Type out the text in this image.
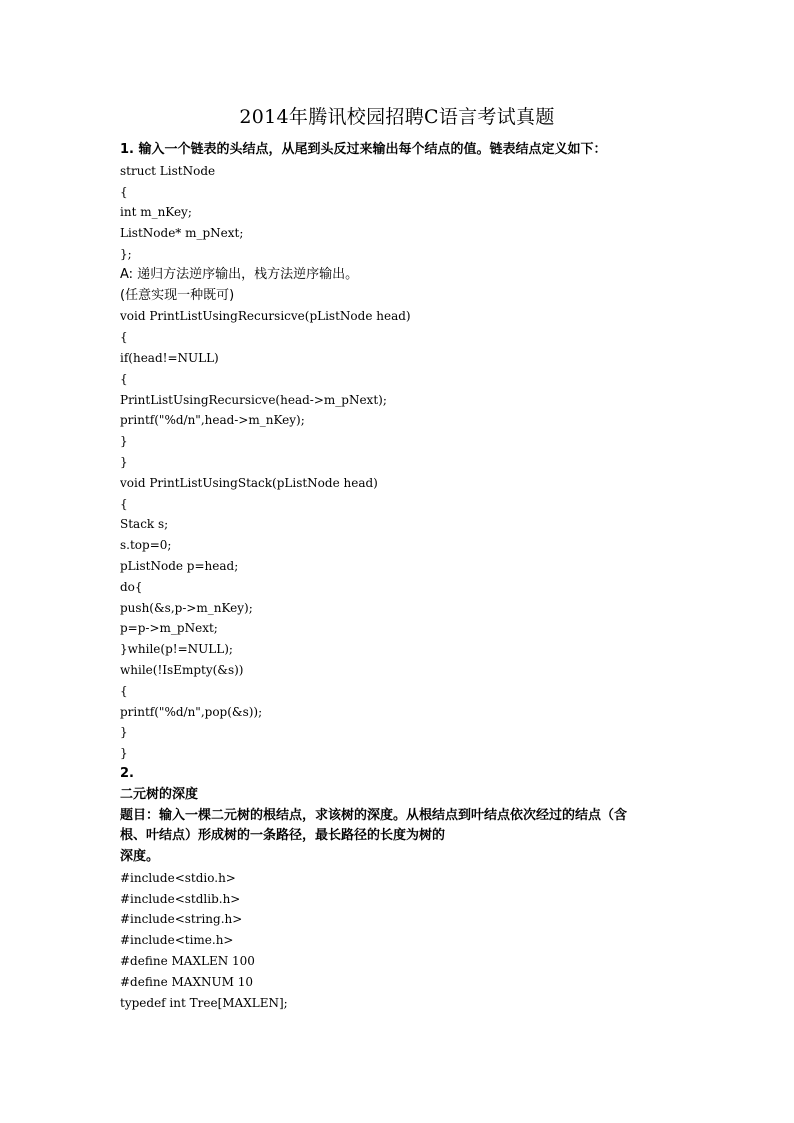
2014年腾讯校园招聘C语言考试真题
1. 输入一个链表的头结点，从尾到头反过来输出每个结点的值。链表结点定义如下：
struct ListNode
{
int m_nKey;
ListNode* m_pNext;
};
A: 递归方法逆序输出，栈方法逆序输出。
(任意实现一种既可)
void PrintListUsingRecursicve(pListNode head)
{
if(head!=NULL)
{
PrintListUsingRecursicve(head->m_pNext);
printf("%d/n",head->m_nKey);
}
}
void PrintListUsingStack(pListNode head)
{
Stack s;
s.top=0;
pListNode p=head;
do{
push(&s,p->m_nKey);
p=p->m_pNext;
}while(p!=NULL);
while(!IsEmpty(&s))
{
printf("%d/n",pop(&s));
}
}
2.
二元树的深度
题目：输入一棵二元树的根结点，求该树的深度。从根结点到叶结点依次经过的结点（含
根、叶结点）形成树的一条路径，最长路径的长度为树的
深度。
#include<stdio.h>
#include<stdlib.h>
#include<string.h>
#include<time.h>
#define MAXLEN 100
#define MAXNUM 10
typedef int Tree[MAXLEN];
